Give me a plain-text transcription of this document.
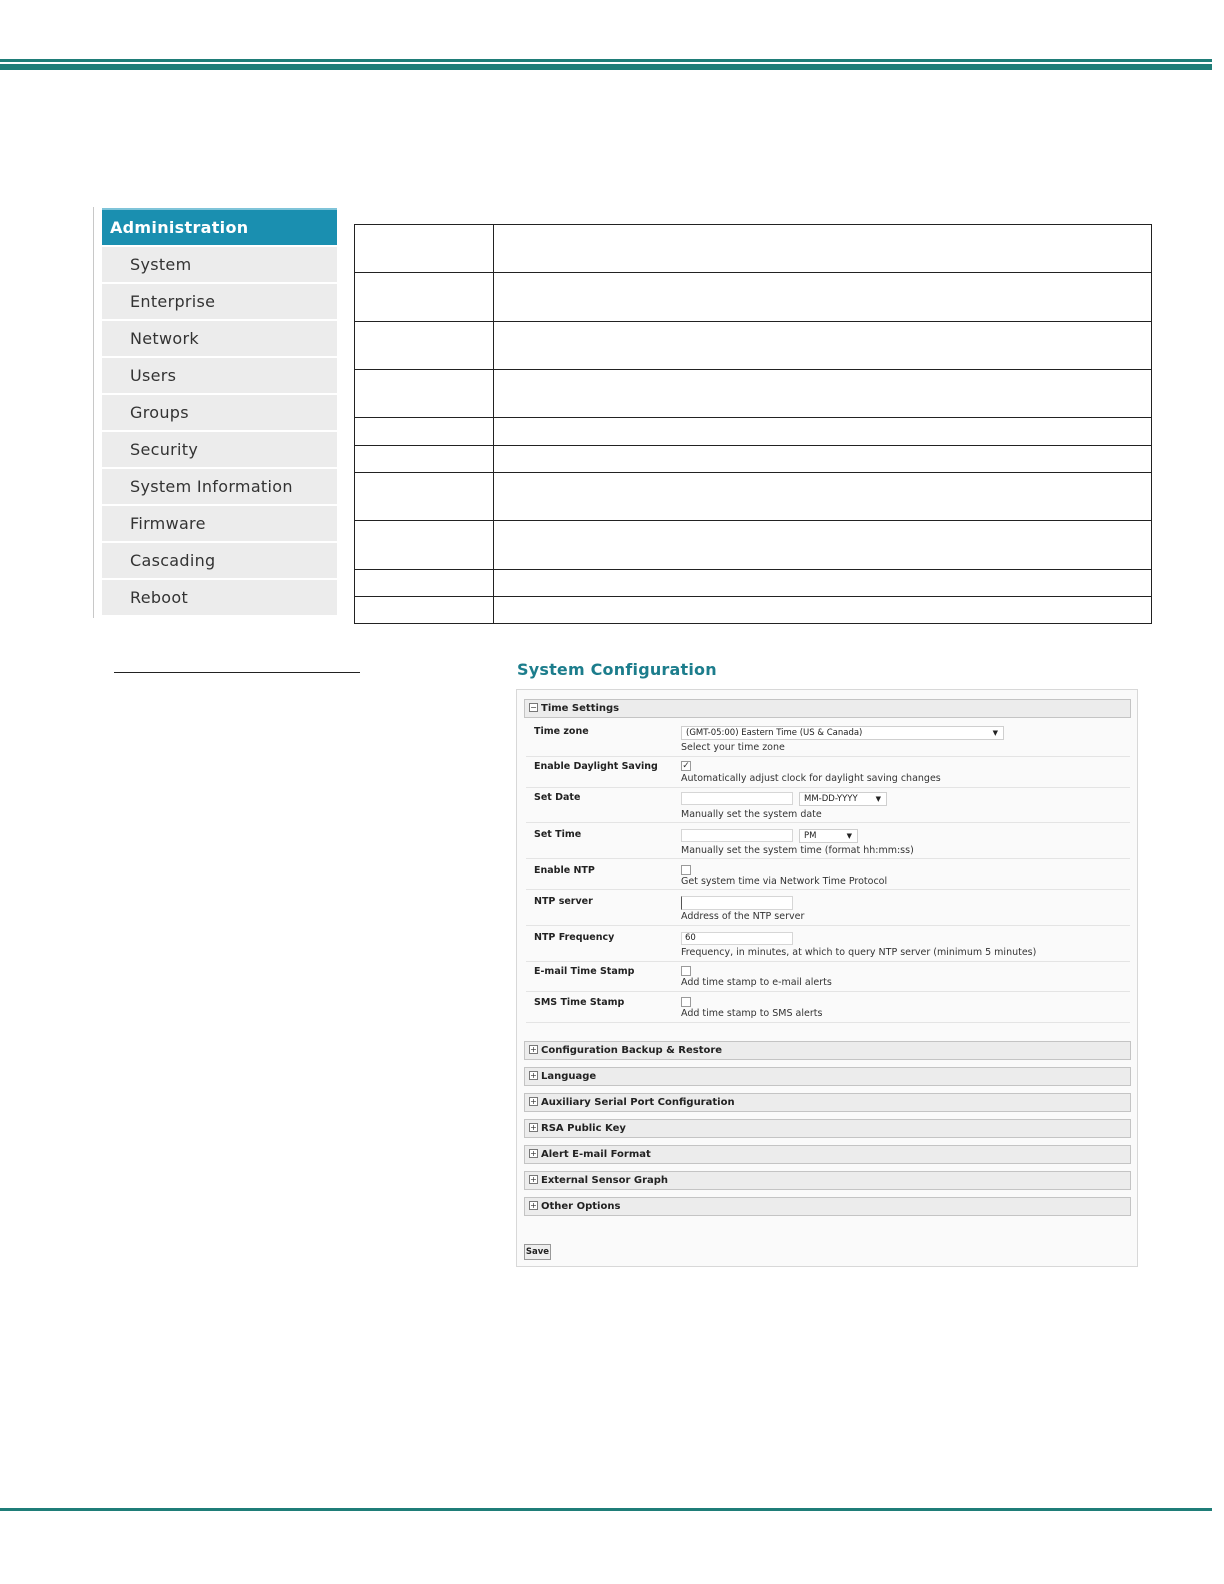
Administration
System
Enterprise
Network
Users
Groups
Security
System Information
Firmware
Cascading
Reboot

System Configuration
− Time Settings
Time zone	(GMT-05:00) Eastern Time (US & Canada)	▼
Select your time zone
Enable Daylight Saving	✓
Automatically adjust clock for daylight saving changes
Set Date	MM-DD-YYYY	▼
Manually set the system date
Set Time	PM	▼
Manually set the system time (format hh:mm:ss)
Enable NTP
Get system time via Network Time Protocol
NTP server
Address of the NTP server
NTP Frequency	60
Frequency, in minutes, at which to query NTP server (minimum 5 minutes)
E-mail Time Stamp
Add time stamp to e-mail alerts
SMS Time Stamp
Add time stamp to SMS alerts
+ Configuration Backup & Restore
+ Language
+ Auxiliary Serial Port Configuration
+ RSA Public Key
+ Alert E-mail Format
+ External Sensor Graph
+ Other Options
Save
